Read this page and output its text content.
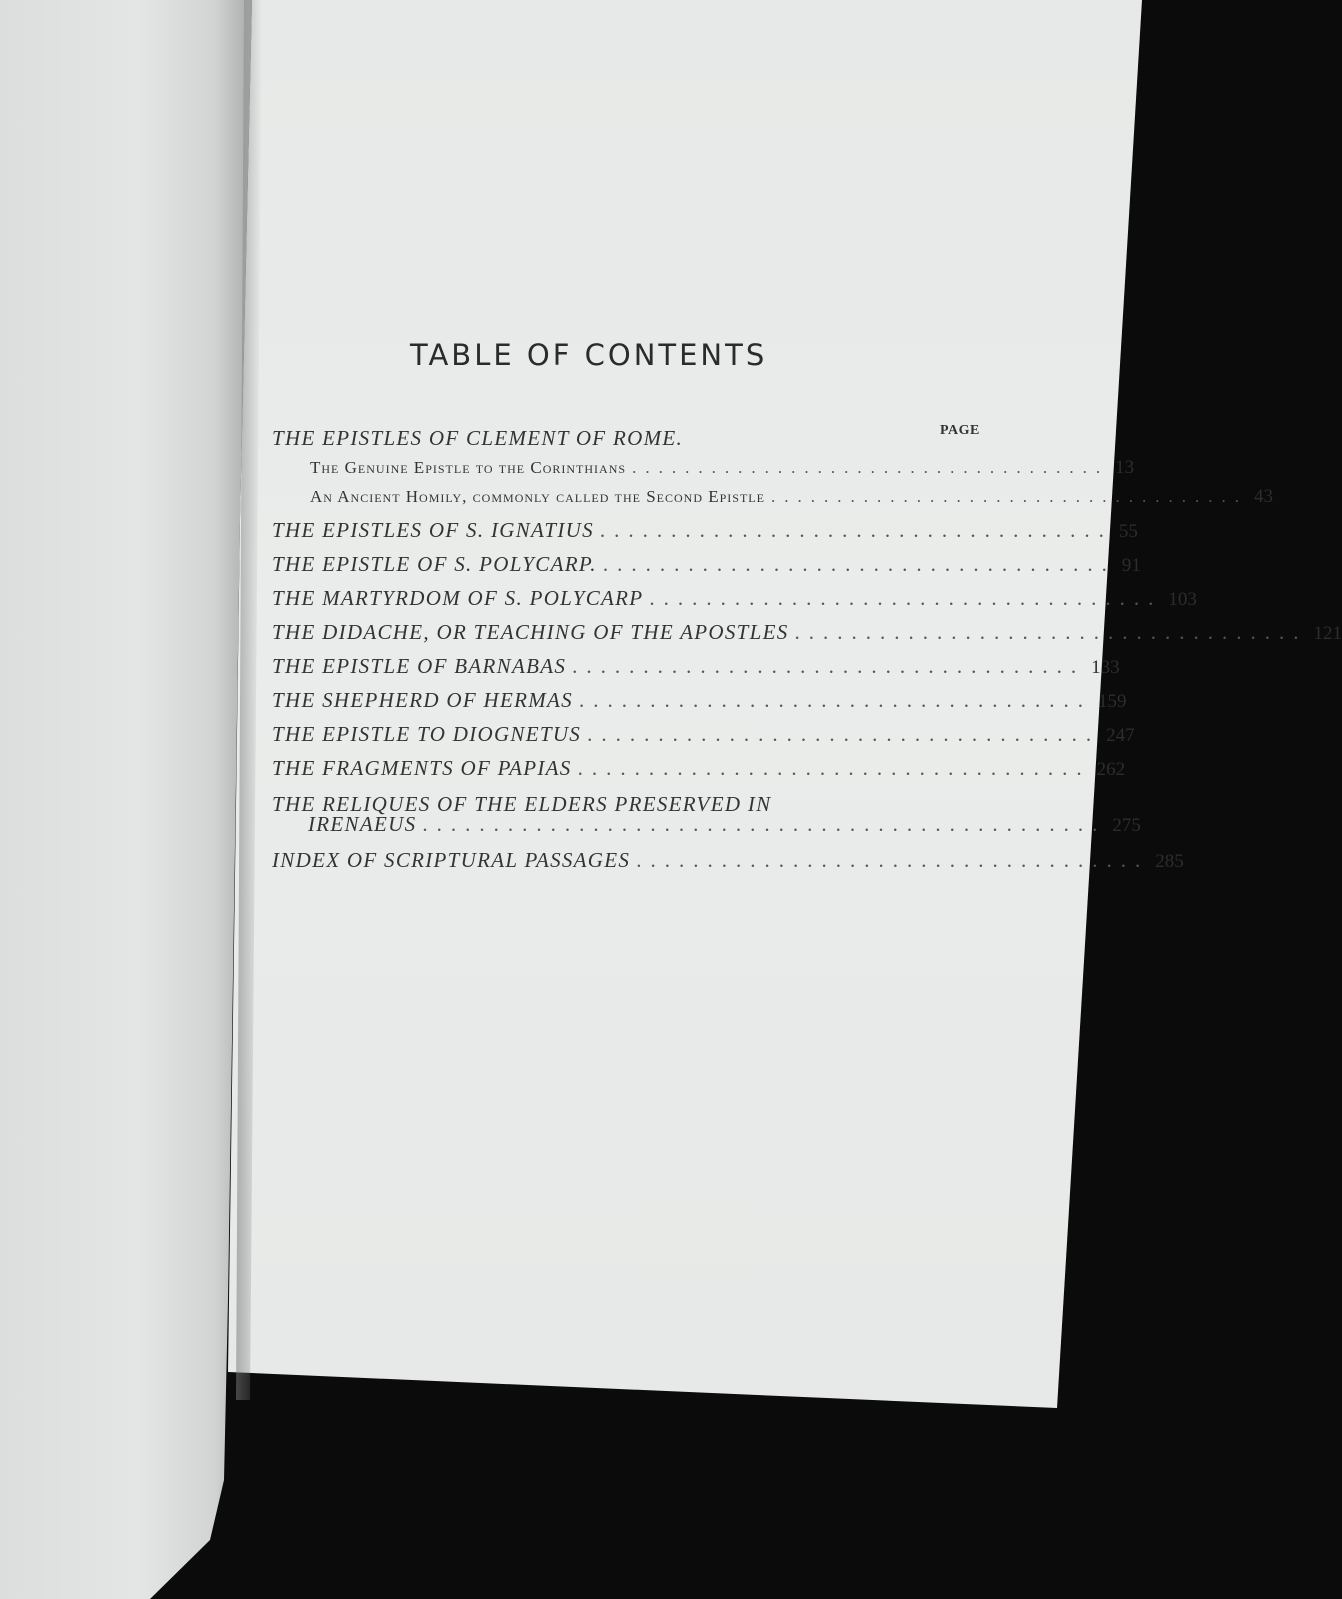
TABLE OF CONTENTS
PAGE
THE EPISTLES OF CLEMENT OF ROME.
The Genuine Epistle to the Corinthians .................................... 13
An Ancient Homily, commonly called the Second Epistle .................................... 43
THE EPISTLES OF S. IGNATIUS .................................... 55
THE EPISTLE OF S. POLYCARP. .................................... 91
THE MARTYRDOM OF S. POLYCARP .................................... 103
THE DIDACHE, OR TEACHING OF THE APOSTLES .................................... 121
THE EPISTLE OF BARNABAS .................................... 133
THE SHEPHERD OF HERMAS .................................... 159
THE EPISTLE TO DIOGNETUS .................................... 247
THE FRAGMENTS OF PAPIAS .................................... 262
THE RELIQUES OF THE ELDERS PRESERVED IN
IRENAEUS ................................................ 275
INDEX OF SCRIPTURAL PASSAGES .................................... 285
